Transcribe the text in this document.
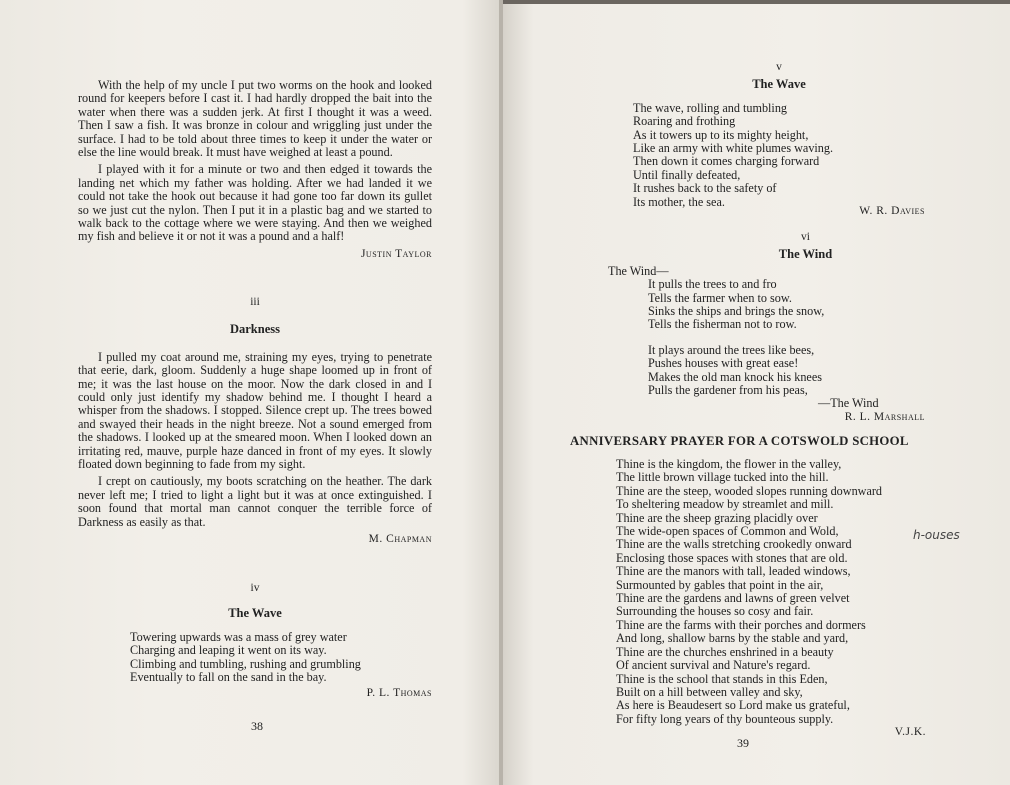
With the help of my uncle I put two worms on the hook and looked round for keepers before I cast it. I had hardly dropped the bait into the water when there was a sudden jerk. At first I thought it was a weed. Then I saw a fish. It was bronze in colour and wriggling just under the surface. I had to be told about three times to keep it under the water or else the line would break. It must have weighed at least a pound.

I played with it for a minute or two and then edged it towards the landing net which my father was holding. After we had landed it we could not take the hook out because it had gone too far down its gullet so we just cut the nylon. Then I put it in a plastic bag and we started to walk back to the cottage where we were staying. And then we weighed my fish and believe it or not it was a pound and a half!

Justin Taylor
iii
Darkness

I pulled my coat around me, straining my eyes, trying to penetrate that eerie, dark, gloom. Suddenly a huge shape loomed up in front of me; it was the last house on the moor. Now the dark closed in and I could only just identify my shadow behind me. I thought I heard a whisper from the shadows. I stopped. Silence crept up. The trees bowed and swayed their heads in the night breeze. Not a sound emerged from the shadows. I looked up at the smeared moon. When I looked down an irritating red, mauve, purple haze danced in front of my eyes. It slowly floated down beginning to fade from my sight.

I crept on cautiously, my boots scratching on the heather. The dark never left me; I tried to light a light but it was at once extinguished. I soon found that mortal man cannot conquer the terrible force of Darkness as easily as that.

M. Chapman
iv
The Wave
Towering upwards was a mass of grey water
Charging and leaping it went on its way.
Climbing and tumbling, rushing and grumbling
Eventually to fall on the sand in the bay.
P. L. Thomas
38
v
The Wave
The wave, rolling and tumbling
Roaring and frothing
As it towers up to its mighty height,
Like an army with white plumes waving.
Then down it comes charging forward
Until finally defeated,
It rushes back to the safety of
Its mother, the sea.
W. R. Davies
vi
The Wind
The Wind—
It pulls the trees to and fro
Tells the farmer when to sow.
Sinks the ships and brings the snow,
Tells the fisherman not to row.
It plays around the trees like bees,
Pushes houses with great ease!
Makes the old man knock his knees
Pulls the gardener from his peas,
—The Wind
R. L. Marshall
ANNIVERSARY PRAYER FOR A COTSWOLD SCHOOL
Thine is the kingdom, the flower in the valley,
The little brown village tucked into the hill.
Thine are the steep, wooded slopes running downward
To sheltering meadow by streamlet and mill.
Thine are the sheep grazing placidly over
The wide-open spaces of Common and Wold,
Thine are the walls stretching crookedly onward
Enclosing those spaces with stones that are old.
Thine are the manors with tall, leaded windows,
Surmounted by gables that point in the air,
Thine are the gardens and lawns of green velvet
Surrounding the houses so cosy and fair.
Thine are the farms with their porches and dormers
And long, shallow barns by the stable and yard,
Thine are the churches enshrined in a beauty
Of ancient survival and Nature's regard.
Thine is the school that stands in this Eden,
Built on a hill between valley and sky,
As here is Beaudesert so Lord make us grateful,
For fifty long years of thy bounteous supply.
V.J.K.
h-ouses
39
